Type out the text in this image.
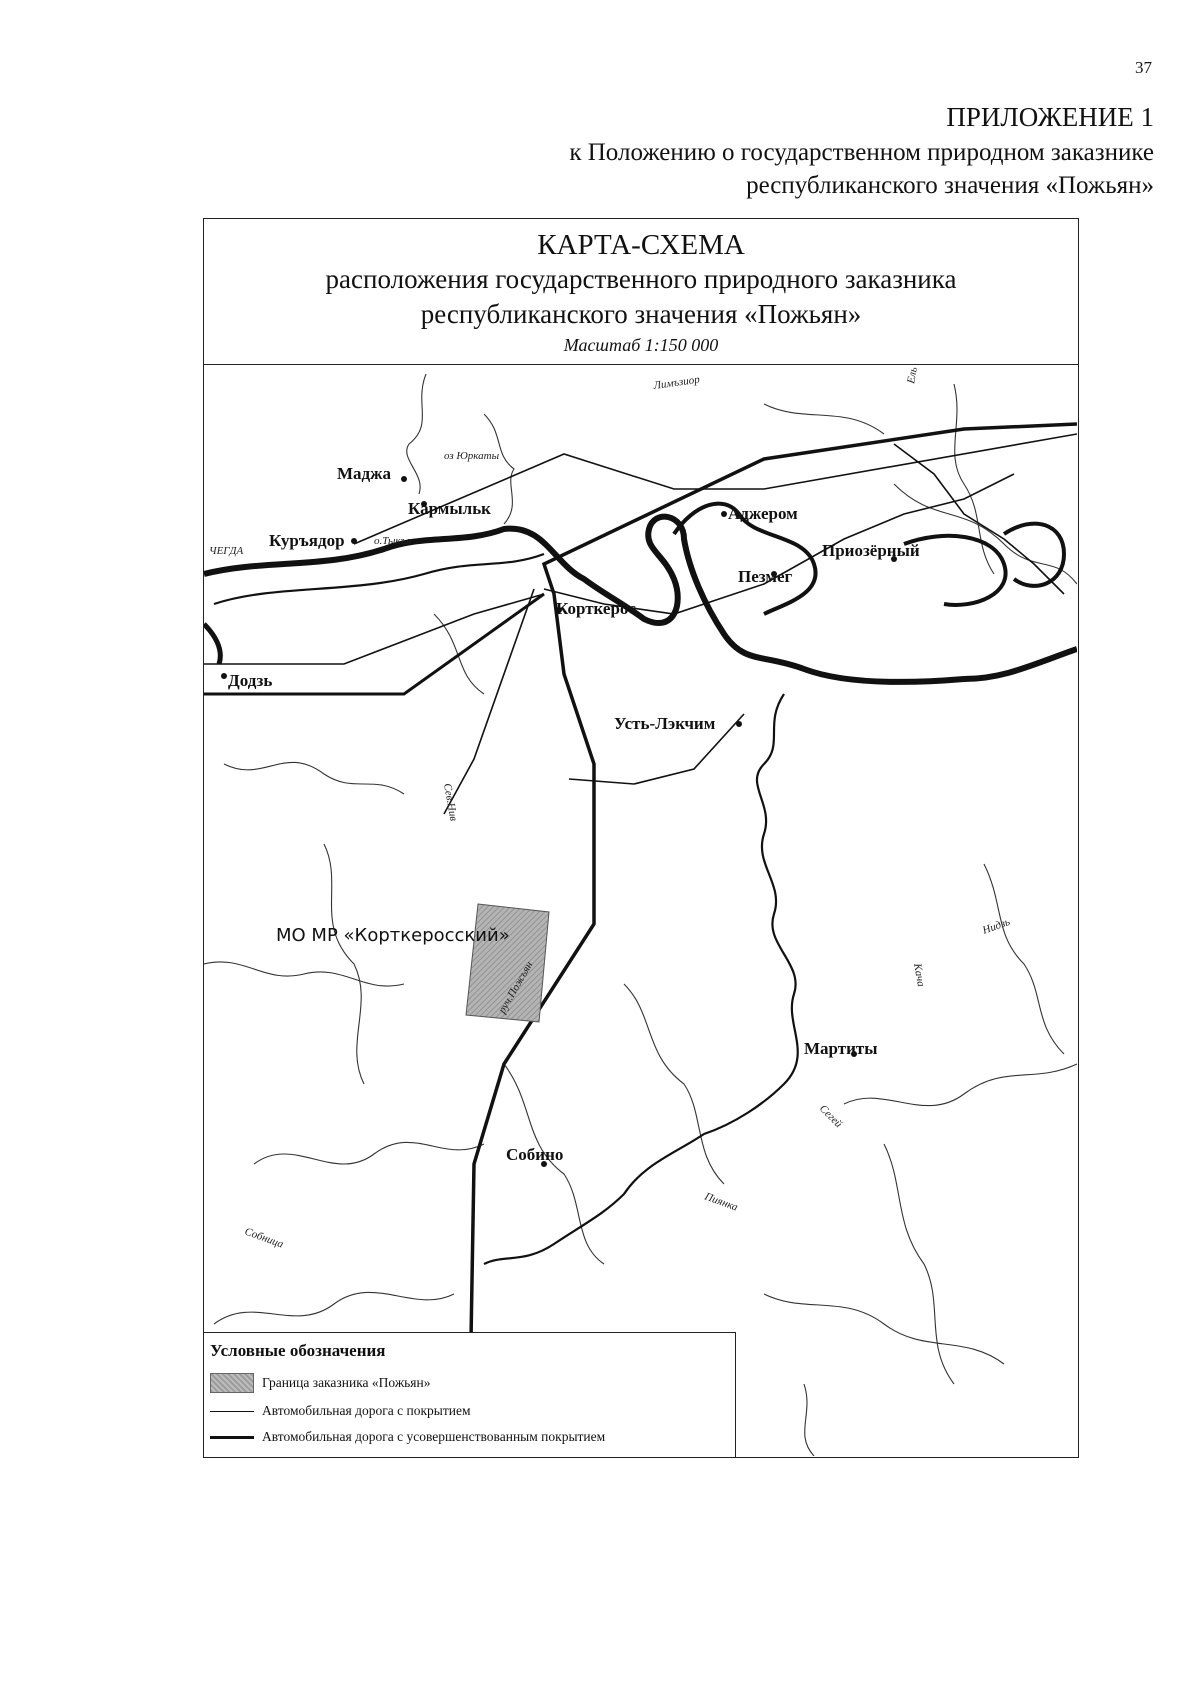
37
ПРИЛОЖЕНИЕ 1
к Положению о государственном природном заказнике
республиканского значения «Пожьян»
КАРТА-СХЕМА
расположения государственного природного заказника
республиканского значения «Пожьян»
Масштаб 1:150 000
Маджа
Кармыльк
Куръядор
Аджером
Приозёрный
Пезмег
Корткерос
Додзь
Усть-Лэкчим
Мартиты
Собино
МО МР «Корткеросский»
оз Юркаты
о.Тыкъя
ЧЕГДА
Сев.Нив
руч.Пожъян
Ель
Нидзь
Кача
Сегей
Пиянка
Собница
Лимъзиор
Условные обозначения
Граница заказника «Пожьян»
Автомобильная дорога с покрытием
Автомобильная дорога с усовершенствованным покрытием
